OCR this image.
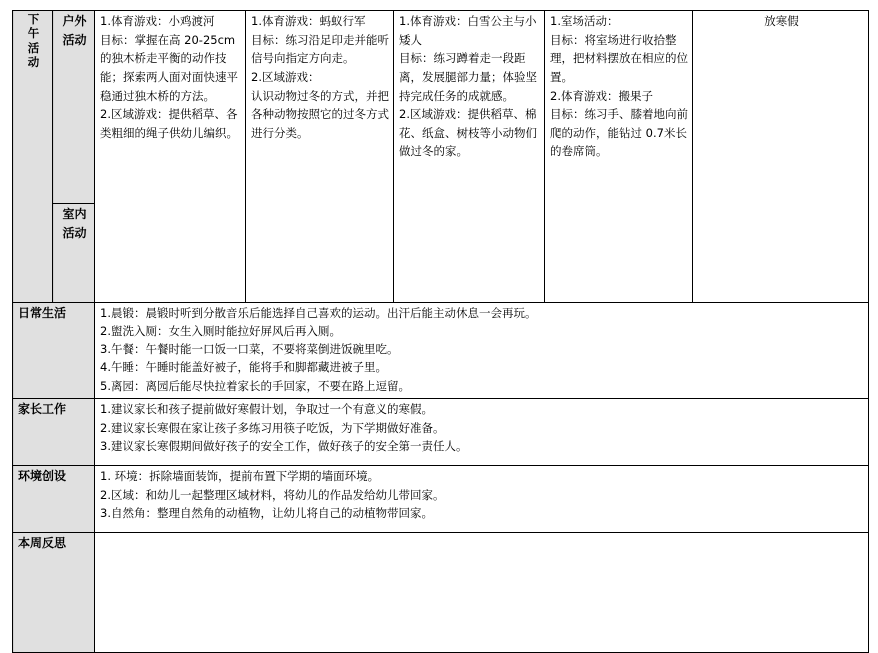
下
午
活
动	户外活动	1.体育游戏：小鸡渡河
目标：掌握在高 20-25cm的独木桥走平衡的动作技能；探索两人面对面快速平稳通过独木桥的方法。
2.区域游戏：提供稻草、各类粗细的绳子供幼儿编织。	1.体育游戏：蚂蚁行军
目标：练习沿足印走并能听信号向指定方向走。
2.区域游戏：
认识动物过冬的方式，并把各种动物按照它的过冬方式进行分类。	1.体育游戏：白雪公主与小矮人
目标：练习蹲着走一段距离，发展腿部力量；体验坚持完成任务的成就感。
2.区域游戏：提供稻草、棉花、纸盒、树枝等小动物们做过冬的家。	1.室场活动：
目标：将室场进行收拾整理，把材料摆放在相应的位置。
2.体育游戏：搬果子
目标：练习手、膝着地向前爬的动作，能钻过 0.7米长的卷席筒。	放寒假
	室内活动					
日常生活		1.晨锻：晨锻时听到分散音乐后能选择自己喜欢的运动。出汗后能主动休息一会再玩。
2.盥洗入厕：女生入厕时能拉好屏风后再入厕。
3.午餐：午餐时能一口饭一口菜，不要将菜倒进饭碗里吃。
4.午睡：午睡时能盖好被子，能将手和脚都藏进被子里。
5.离园：离园后能尽快拉着家长的手回家，不要在路上逗留。				

家长工作		1.建议家长和孩子提前做好寒假计划，争取过一个有意义的寒假。
2.建议家长寒假在家让孩子多练习用筷子吃饭，为下学期做好准备。
3.建议家长寒假期间做好孩子的安全工作，做好孩子的安全第一责任人。				

环境创设		1. 环境：拆除墙面装饰，提前布置下学期的墙面环境。
2.区域：和幼儿一起整理区域材料，将幼儿的作品发给幼儿带回家。
3.自然角：整理自然角的动植物，让幼儿将自己的动植物带回家。				

本周反思						
